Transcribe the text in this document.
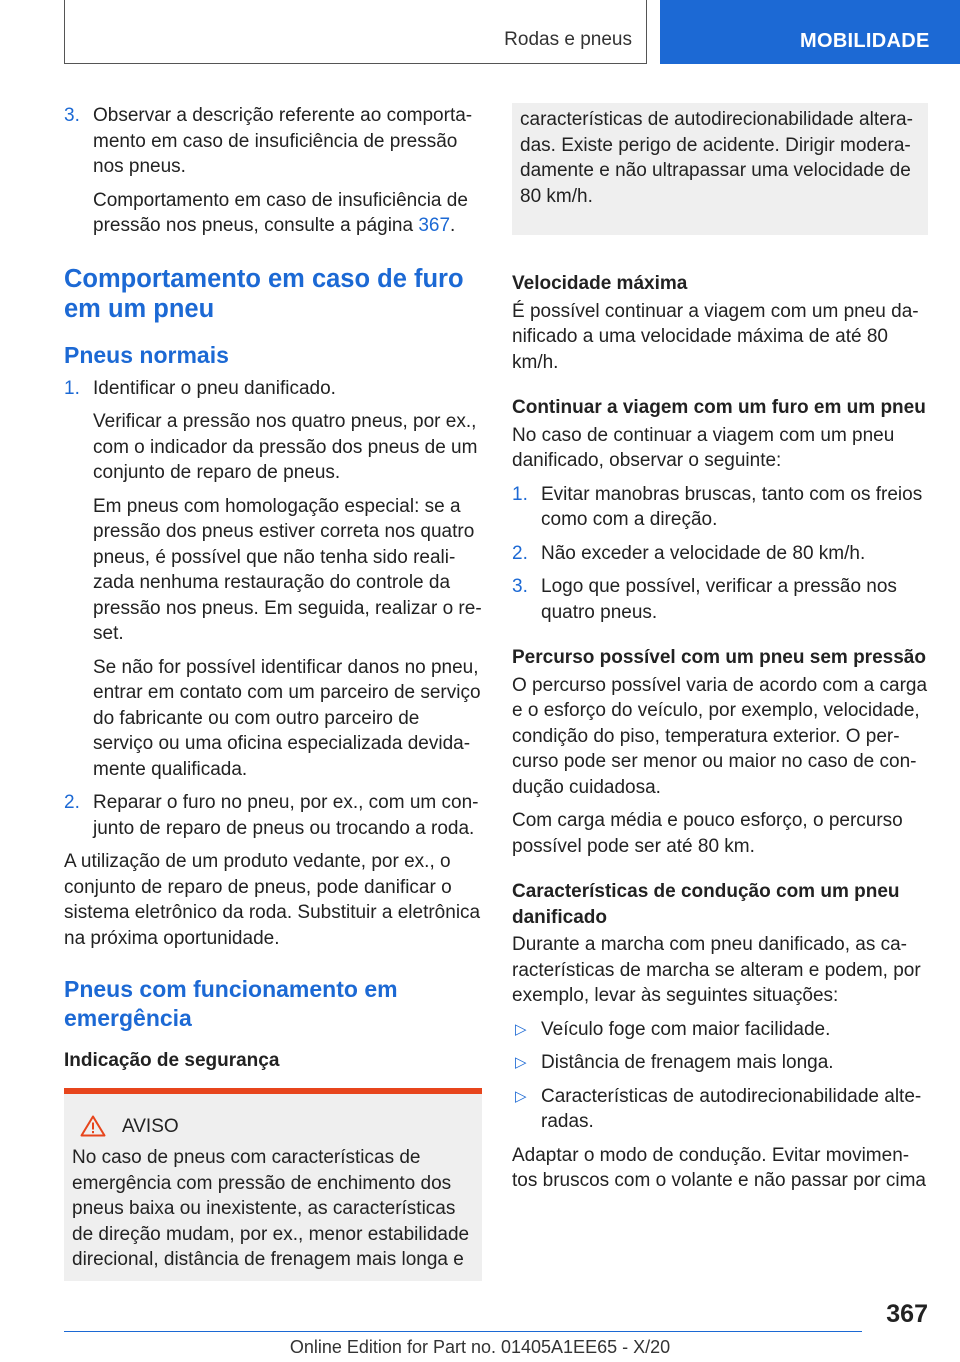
Rodas e pneus	MOBILIDADE
3. Observar a descrição referente ao comportamento em caso de insuficiência de pressão nos pneus.

Comportamento em caso de insuficiência de pressão nos pneus, consulte a página 367.

Comportamento em caso de furo em um pneu
Pneus normais
1. Identificar o pneu danificado.

Verificar a pressão nos quatro pneus, por ex., com o indicador da pressão dos pneus de um conjunto de reparo de pneus.

Em pneus com homologação especial: se a pressão dos pneus estiver correta nos quatro pneus, é possível que não tenha sido realizada nenhuma restauração do controle da pressão nos pneus. Em seguida, realizar o reset.

Se não for possível identificar danos no pneu, entrar em contato com um parceiro de serviço do fabricante ou com outro parceiro de serviço ou uma oficina especializada devidamente qualificada.

2. Reparar o furo no pneu, por ex., com um conjunto de reparo de pneus ou trocando a roda.

A utilização de um produto vedante, por ex., o conjunto de reparo de pneus, pode danificar o sistema eletrônico da roda. Substituir a eletrônica na próxima oportunidade.

Pneus com funcionamento em emergência
Indicação de segurança
AVISO

No caso de pneus com características de emergência com pressão de enchimento dos pneus baixa ou inexistente, as características de direção mudam, por ex., menor estabilidade direcional, distância de frenagem mais longa e

características de autodirecionabilidade alteradas. Existe perigo de acidente. Dirigir moderadamente e não ultrapassar uma velocidade de 80 km/h.

Velocidade máxima

É possível continuar a viagem com um pneu danificado a uma velocidade máxima de até 80 km/h.

Continuar a viagem com um furo em um pneu

No caso de continuar a viagem com um pneu danificado, observar o seguinte:

1. Evitar manobras bruscas, tanto com os freios como com a direção.
2. Não exceder a velocidade de 80 km/h.
3. Logo que possível, verificar a pressão nos quatro pneus.
Percurso possível com um pneu sem pressão

O percurso possível varia de acordo com a carga e o esforço do veículo, por exemplo, velocidade, condição do piso, temperatura exterior. O percurso pode ser menor ou maior no caso de condução cuidadosa.

Com carga média e pouco esforço, o percurso possível pode ser até 80 km.

Características de condução com um pneu danificado

Durante a marcha com pneu danificado, as características de marcha se alteram e podem, por exemplo, levar às seguintes situações:

▷ Veículo foge com maior facilidade.
▷ Distância de frenagem mais longa.
▷ Características de autodirecionabilidade alteradas.

Adaptar o modo de condução. Evitar movimentos bruscos com o volante e não passar por cima

367
Online Edition for Part no. 01405A1EE65 - X/20
